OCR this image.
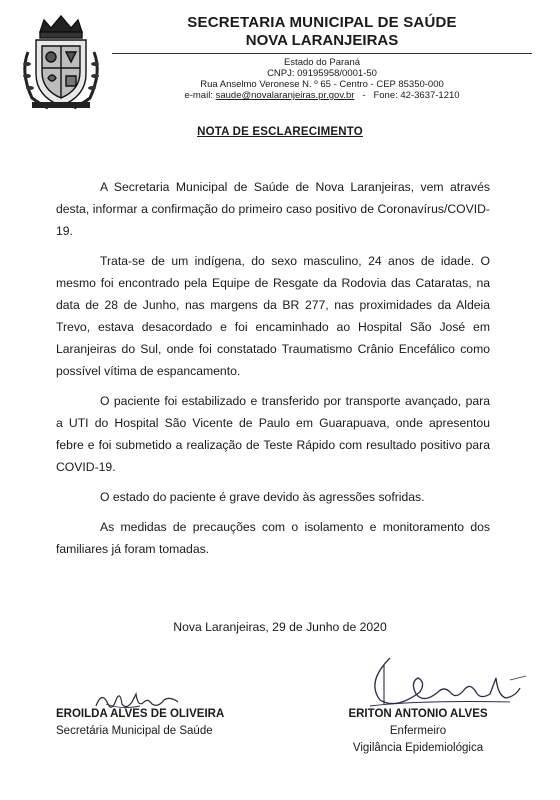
SECRETARIA MUNICIPAL DE SAÚDE
NOVA LARANJEIRAS
Estado do Paraná
CNPJ: 09195958/0001-50
Rua Anselmo Veronese N. º 65 - Centro - CEP 85350-000
e-mail: saude@novalaranjeiras.pr.gov.br - Fone: 42-3637-1210
NOTA DE ESCLARECIMENTO

A Secretaria Municipal de Saúde de Nova Laranjeiras, vem através desta, informar a confirmação do primeiro caso positivo de Coronavírus/COVID-19.

Trata-se de um indígena, do sexo masculino, 24 anos de idade. O mesmo foi encontrado pela Equipe de Resgate da Rodovia das Cataratas, na data de 28 de Junho, nas margens da BR 277, nas proximidades da Aldeia Trevo, estava desacordado e foi encaminhado ao Hospital São José em Laranjeiras do Sul, onde foi constatado Traumatismo Crânio Encefálico como possível vítima de espancamento.

O paciente foi estabilizado e transferido por transporte avançado, para a UTI do Hospital São Vicente de Paulo em Guarapuava, onde apresentou febre e foi submetido a realização de Teste Rápido com resultado positivo para COVID-19.

O estado do paciente é grave devido às agressões sofridas.

As medidas de precauções com o isolamento e monitoramento dos familiares já foram tomadas.

Nova Laranjeiras, 29 de Junho de 2020
EROILDA ALVES DE OLIVEIRA
Secretária Municipal de Saúde
ERITON ANTONIO ALVES
Enfermeiro
Vigilância Epidemiológica
